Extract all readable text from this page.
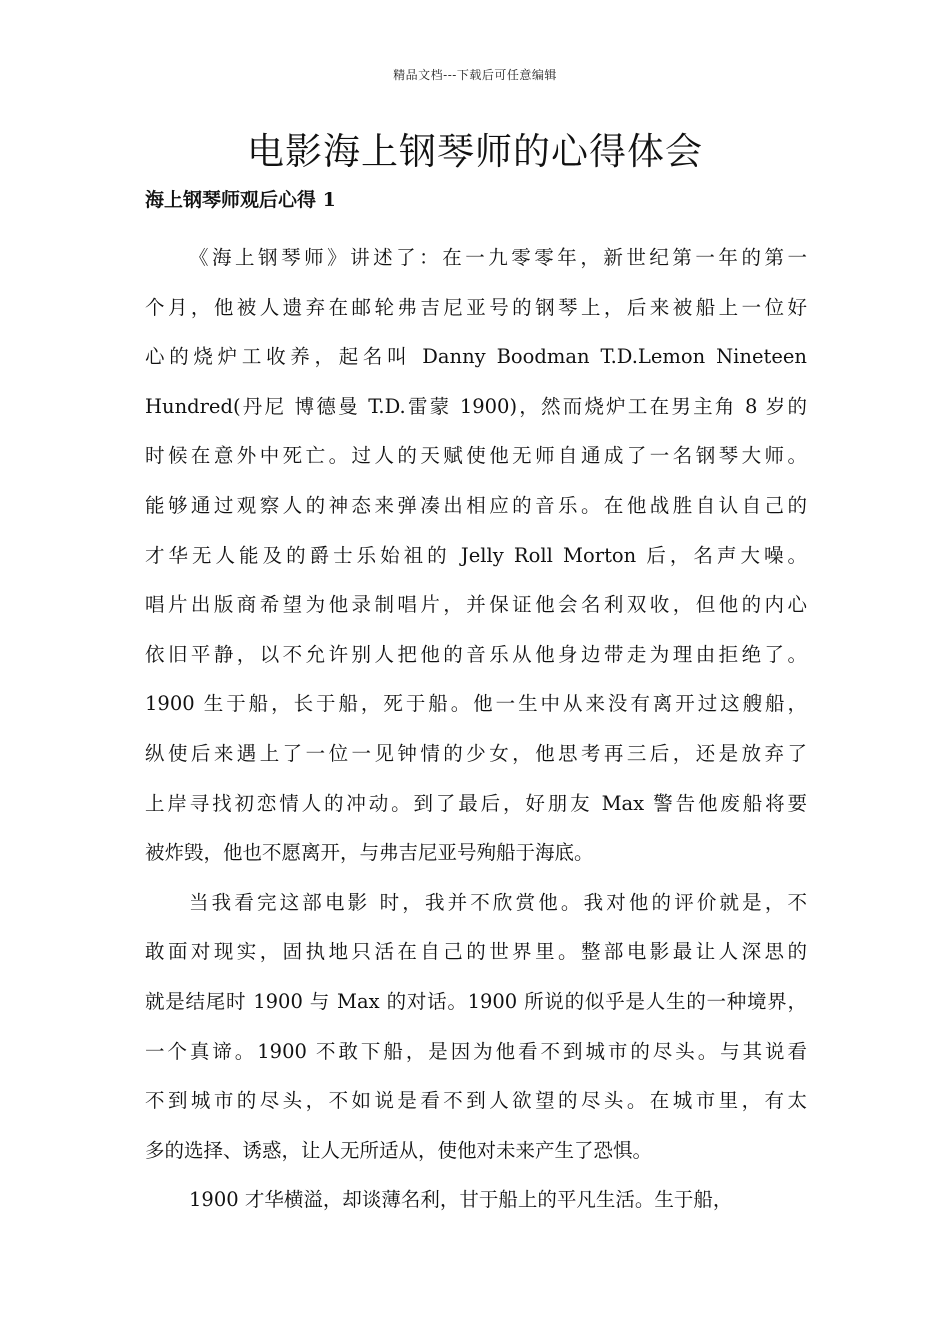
精品文档---下载后可任意编辑
电影海上钢琴师的心得体会
海上钢琴师观后心得 1
《海上钢琴师》讲述了：在一九零零年，新世纪第一年的第一
个月，他被人遗弃在邮轮弗吉尼亚号的钢琴上，后来被船上一位好
心的烧炉工收养，起名叫 Danny Boodman T.D.Lemon Nineteen
Hundred(丹尼 博德曼 T.D.雷蒙 1900)，然而烧炉工在男主角 8 岁的
时候在意外中死亡。过人的天赋使他无师自通成了一名钢琴大师。
能够通过观察人的神态来弹凑出相应的音乐。在他战胜自认自己的
才华无人能及的爵士乐始祖的 Jelly Roll Morton 后，名声大噪。
唱片出版商希望为他录制唱片，并保证他会名利双收，但他的内心
依旧平静，以不允许别人把他的音乐从他身边带走为理由拒绝了。
1900 生于船，长于船，死于船。他一生中从来没有离开过这艘船，
纵使后来遇上了一位一见钟情的少女，他思考再三后，还是放弃了
上岸寻找初恋情人的冲动。到了最后，好朋友 Max 警告他废船将要
被炸毁，他也不愿离开，与弗吉尼亚号殉船于海底。
当我看完这部电影 时，我并不欣赏他。我对他的评价就是，不
敢面对现实，固执地只活在自己的世界里。整部电影最让人深思的
就是结尾时 1900 与 Max 的对话。1900 所说的似乎是人生的一种境界，
一个真谛。1900 不敢下船，是因为他看不到城市的尽头。与其说看
不到城市的尽头，不如说是看不到人欲望的尽头。在城市里，有太
多的选择、诱惑，让人无所适从，使他对未来产生了恐惧。
1900 才华横溢，却谈薄名利，甘于船上的平凡生活。生于船，
